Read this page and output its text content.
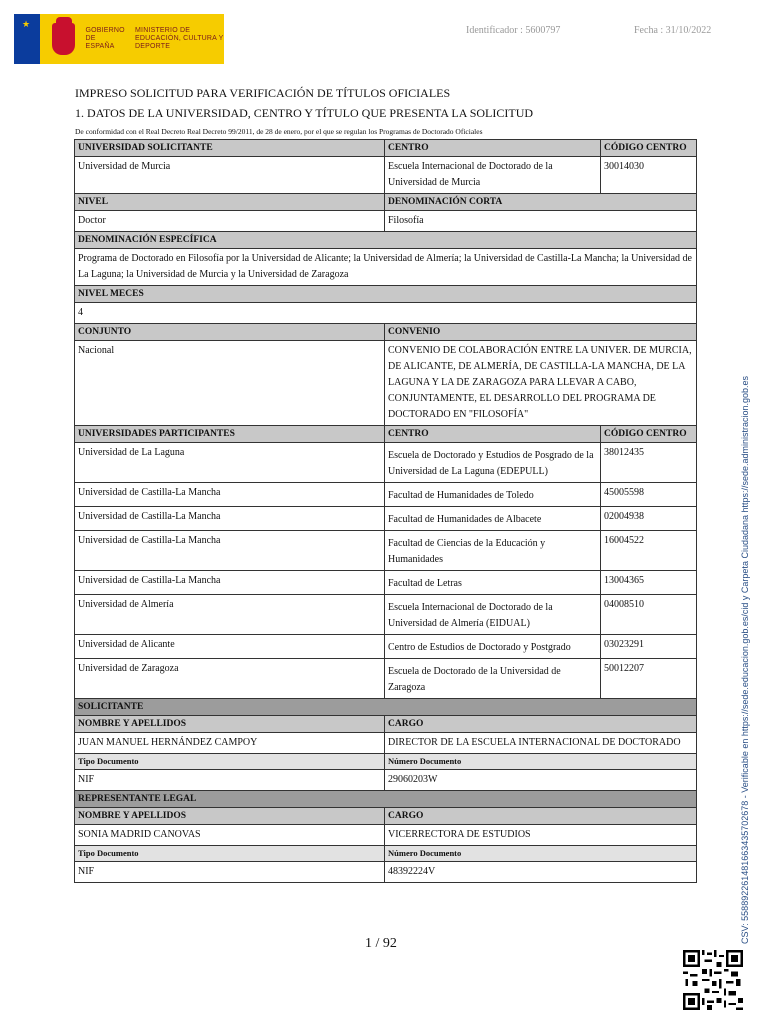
★
GOBIERNO DE ESPAÑA
MINISTERIO DE EDUCACIÓN, CULTURA Y DEPORTE
Identificador : 5600797	Fecha : 31/10/2022
IMPRESO SOLICITUD PARA VERIFICACIÓN DE TÍTULOS OFICIALES
1. DATOS DE LA UNIVERSIDAD, CENTRO Y TÍTULO QUE PRESENTA LA SOLICITUD
De conformidad con el Real Decreto Real Decreto 99/2011, de 28 de enero, por el que se regulan los Programas de Doctorado Oficiales
UNIVERSIDAD SOLICITANTE	CENTRO	CÓDIGO CENTRO
Universidad de Murcia	Escuela Internacional de Doctorado de la Universidad de Murcia	30014030
NIVEL	DENOMINACIÓN CORTA	
Doctor	Filosofía	
DENOMINACIÓN ESPECÍFICA		
Programa de Doctorado en Filosofía por la Universidad de Alicante; la Universidad de Almería; la Universidad de Castilla-La Mancha; la Universidad de La Laguna; la Universidad de Murcia y la Universidad de Zaragoza		
NIVEL MECES		
4		
CONJUNTO	CONVENIO	
Nacional	CONVENIO DE COLABORACIÓN ENTRE LA UNIVER. DE MURCIA, DE ALICANTE, DE ALMERÍA, DE CASTILLA-LA MANCHA, DE LA LAGUNA Y LA DE ZARAGOZA PARA LLEVAR A CABO, CONJUNTAMENTE, EL DESARROLLO DEL PROGRAMA DE DOCTORADO EN "FILOSOFÍA"	
UNIVERSIDADES PARTICIPANTES	CENTRO	CÓDIGO CENTRO
Universidad de La Laguna	Escuela de Doctorado y Estudios de Posgrado de la Universidad de La Laguna (EDEPULL)	38012435
Universidad de Castilla-La Mancha	Facultad de Humanidades de Toledo	45005598
Universidad de Castilla-La Mancha	Facultad de Humanidades de Albacete	02004938
Universidad de Castilla-La Mancha	Facultad de Ciencias de la Educación y Humanidades	16004522
Universidad de Castilla-La Mancha	Facultad de Letras	13004365
Universidad de Almería	Escuela Internacional de Doctorado de la Universidad de Almería (EIDUAL)	04008510
Universidad de Alicante	Centro de Estudios de Doctorado y Postgrado	03023291
Universidad de Zaragoza	Escuela de Doctorado de la Universidad de Zaragoza	50012207
SOLICITANTE		
NOMBRE Y APELLIDOS	CARGO	
JUAN MANUEL HERNÁNDEZ CAMPOY	DIRECTOR DE LA ESCUELA INTERNACIONAL DE DOCTORADO	
Tipo Documento	Número Documento	
NIF	29060203W	
REPRESENTANTE LEGAL		
NOMBRE Y APELLIDOS	CARGO	
SONIA MADRID CANOVAS	VICERRECTORA DE ESTUDIOS	
Tipo Documento	Número Documento	
NIF	48392224V	
1 / 92	CSV: 558892261481663435702678 - Verificable en https://sede.educacion.gob.es/cid y Carpeta Ciudadana https://sede.administracion.gob.es
